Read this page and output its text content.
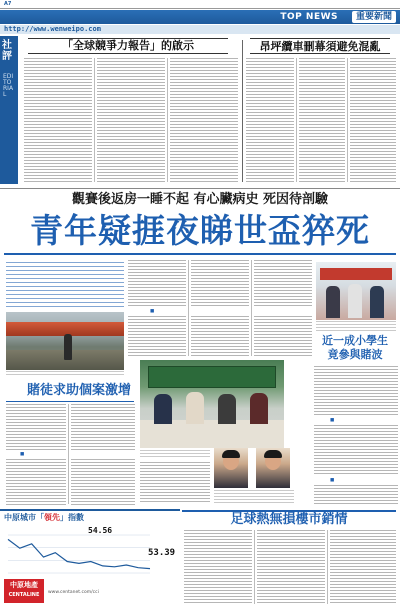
A7
TOP NEWS	重要新聞
http://www.wenweipo.com
社評
EDITORIAL
「全球競爭力報告」的啟示	昂坪纜車刪幕須避免混亂
觀賽後返房一睡不起 有心臟病史 死因待剖驗
青年疑捱夜睇世盃猝死
■
近一成小學生
竟參與賭波
■
■
賭徒求助個案激增
■
中原城市「領先」指數
54.56
53.39
中原地產
CENTALINE	www.centanet.com/cci
足球熱無損樓市銷情
